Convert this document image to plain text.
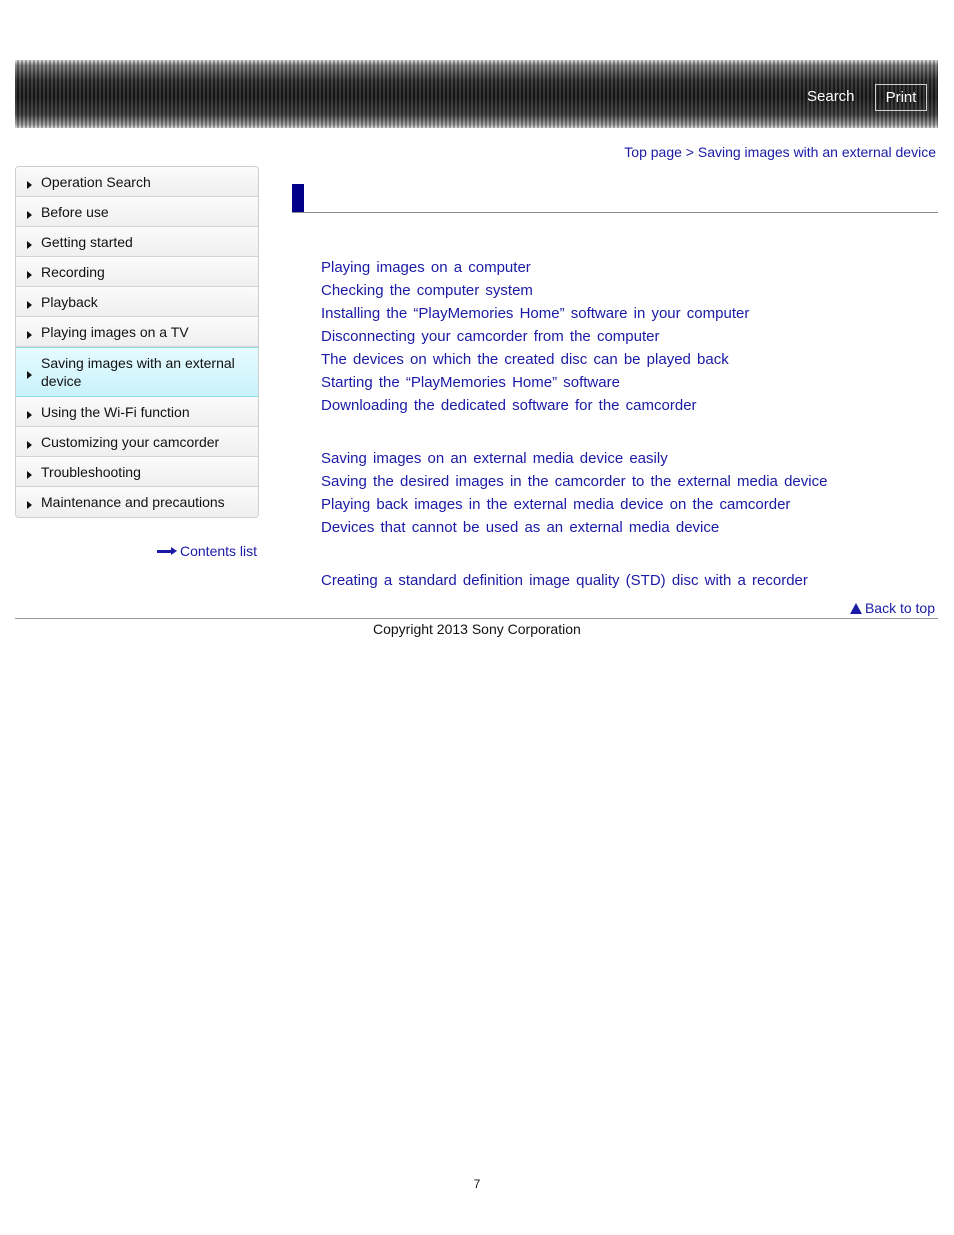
Search	Print
Top page > Saving images with an external device
Operation Search
Before use
Getting started
Recording
Playback
Playing images on a TV
Saving images with an external device
Using the Wi-Fi function
Customizing your camcorder
Troubleshooting
Maintenance and precautions
Contents list
Playing images on a computer
Checking the computer system
Installing the “PlayMemories Home” software in your computer
Disconnecting your camcorder from the computer
The devices on which the created disc can be played back
Starting the “PlayMemories Home” software
Downloading the dedicated software for the camcorder
Saving images on an external media device easily
Saving the desired images in the camcorder to the external media device
Playing back images in the external media device on the camcorder
Devices that cannot be used as an external media device
Creating a standard definition image quality (STD) disc with a recorder
Back to top
Copyright 2013 Sony Corporation
7
